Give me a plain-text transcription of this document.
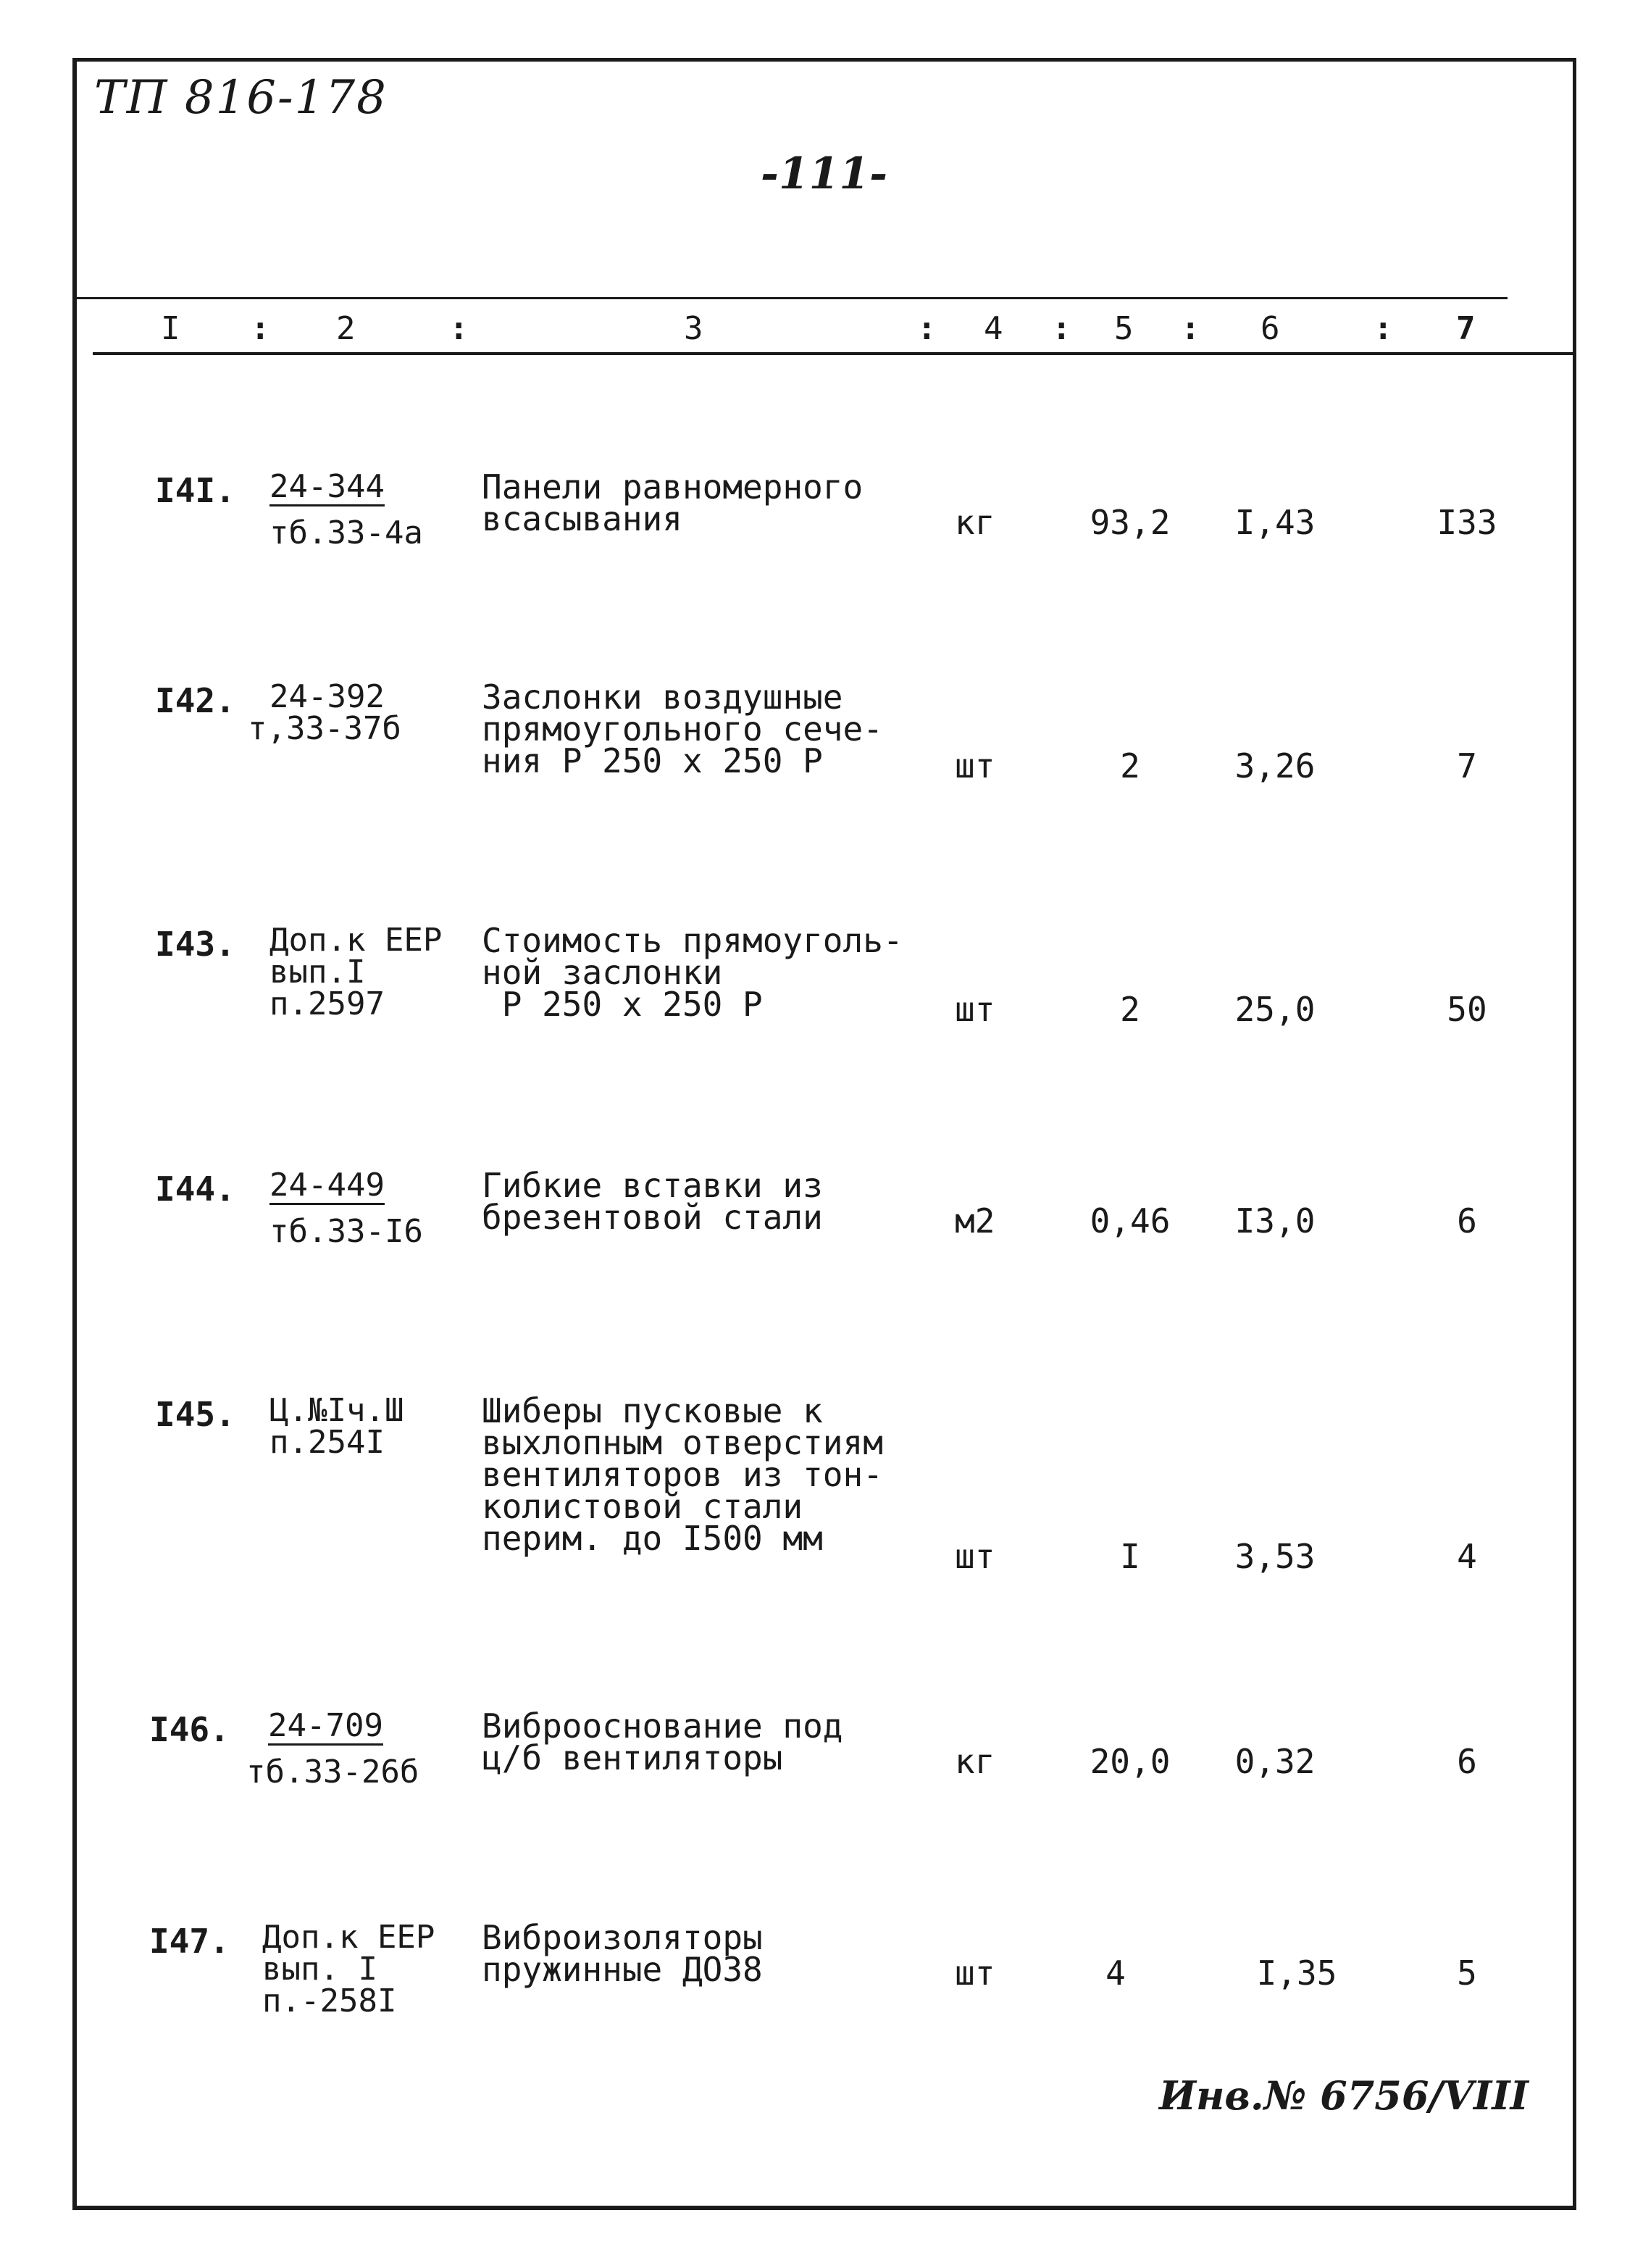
ТП 816-178
-111-
I : 2	:	3	: 4 : 5 : 6	: 7
I4I. 24-344
тб.33-4а
Панели равномерного
всасывания	кг	93,2	I,43	I33
I42. 24-392
т,33-37б
Заслонки воздушные
прямоугольного сече-
ния Р 250 х 250 Р	шт	2	3,26	7
I43. Доп.к ЕЕР
вып.I
п.2597
Стоимость прямоуголь-
ной заслонки
Р 250 х 250 Р	шт	2	25,0	50
I44. 24-449
тб.33-I6
Гибкие вставки из
брезентовой стали	м2	0,46	I3,0	6
I45. Ц.№Iч.Ш
п.254I
Шиберы пусковые к
выхлопным отверстиям
вентиляторов из тон-
колистовой стали
перим. до I500 мм	шт	I	3,53	4
I46. 24-709
тб.33-26б
Виброоснование под
ц/б вентиляторы	кг	20,0	0,32	6
I47. Доп.к ЕЕР
вып. I
п.-258I
Виброизоляторы
пружинные ДО38	шт	4	I,35	5
Инв.№ 6756/VIII
